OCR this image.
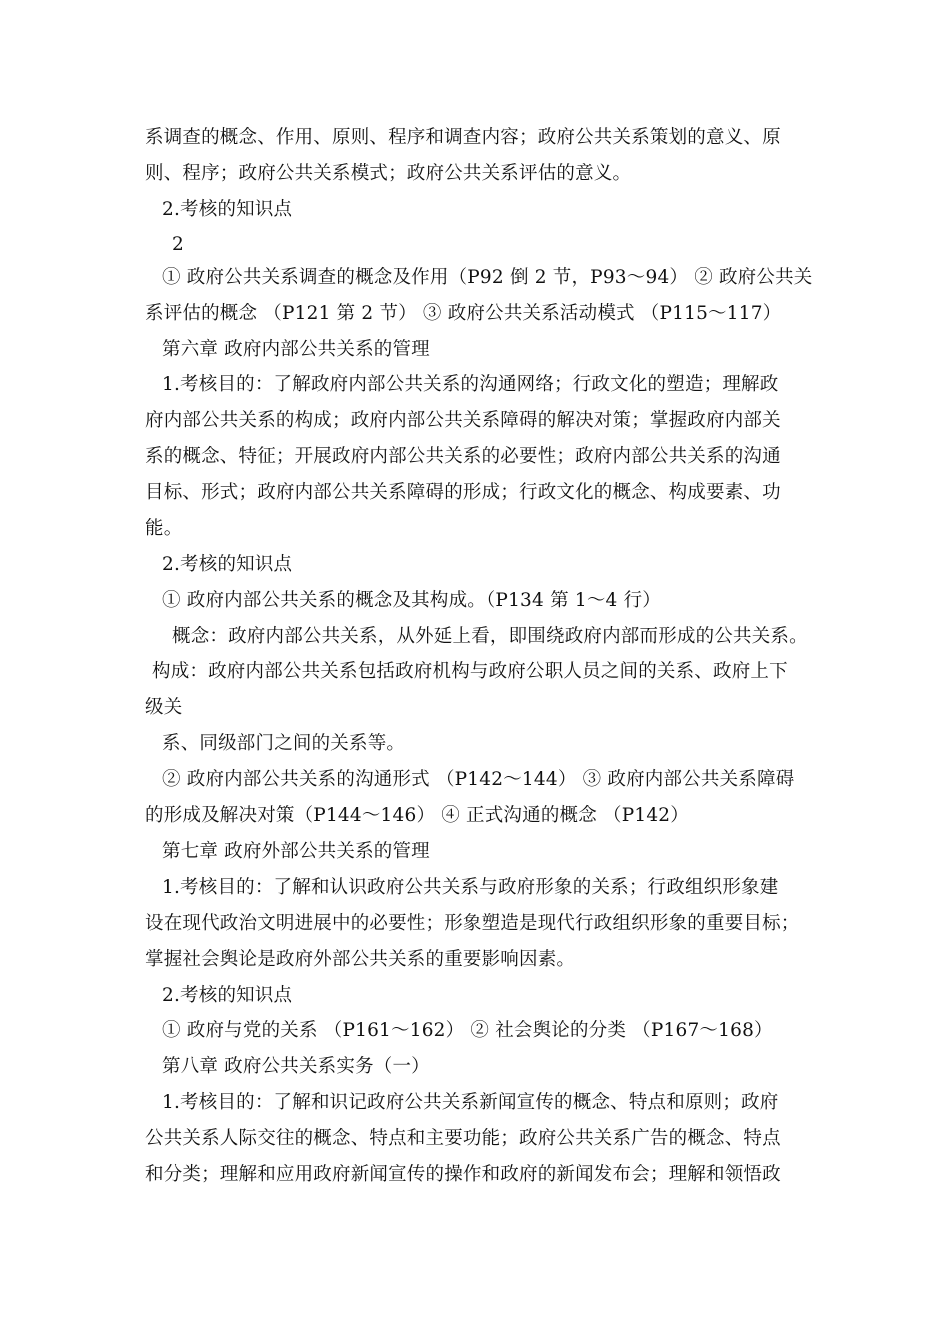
系调查的概念、作用、原则、程序和调查内容；政府公共关系策划的意义、原
则、程序；政府公共关系模式；政府公共关系评估的意义。
2.考核的知识点
2
① 政府公共关系调查的概念及作用（P92 倒 2 节，P93～94） ② 政府公共关
系评估的概念 （P121 第 2 节） ③ 政府公共关系活动模式 （P115～117）
第六章 政府内部公共关系的管理
1.考核目的：了解政府内部公共关系的沟通网络；行政文化的塑造；理解政
府内部公共关系的构成；政府内部公共关系障碍的解决对策；掌握政府内部关
系的概念、特征；开展政府内部公共关系的必要性；政府内部公共关系的沟通
目标、形式；政府内部公共关系障碍的形成；行政文化的概念、构成要素、功
能。
2.考核的知识点
① 政府内部公共关系的概念及其构成。（P134 第 1～4 行）
概念：政府内部公共关系，从外延上看，即围绕政府内部而形成的公共关系。
构成：政府内部公共关系包括政府机构与政府公职人员之间的关系、政府上下
级关
系、同级部门之间的关系等。
② 政府内部公共关系的沟通形式 （P142～144） ③ 政府内部公共关系障碍
的形成及解决对策（P144～146） ④ 正式沟通的概念 （P142）
第七章 政府外部公共关系的管理
1.考核目的：了解和认识政府公共关系与政府形象的关系；行政组织形象建
设在现代政治文明进展中的必要性；形象塑造是现代行政组织形象的重要目标；
掌握社会舆论是政府外部公共关系的重要影响因素。
2.考核的知识点
① 政府与党的关系 （P161～162） ② 社会舆论的分类 （P167～168）
第八章 政府公共关系实务（一）
1.考核目的：了解和识记政府公共关系新闻宣传的概念、特点和原则；政府
公共关系人际交往的概念、特点和主要功能；政府公共关系广告的概念、特点
和分类；理解和应用政府新闻宣传的操作和政府的新闻发布会；理解和领悟政
